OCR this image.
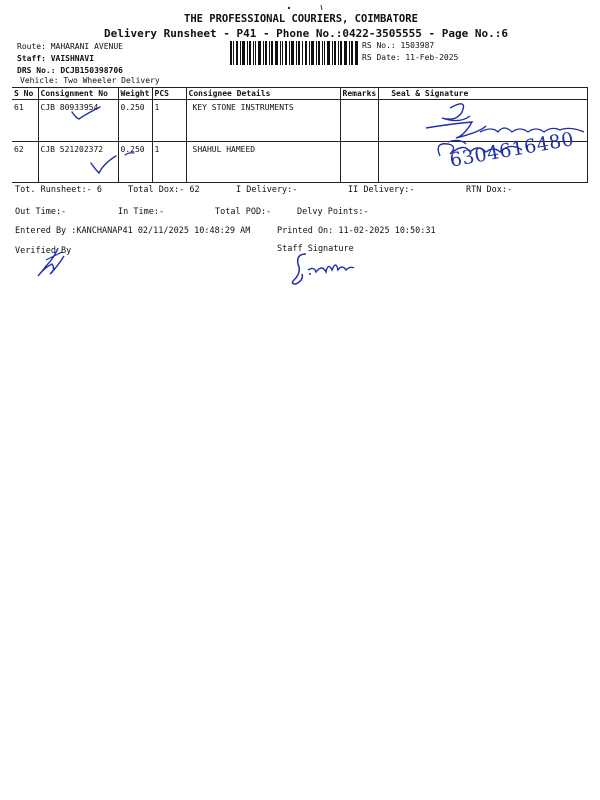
THE PROFESSIONAL COURIERS, COIMBATORE
Delivery Runsheet - P41 - Phone No.:0422-3505555 - Page No.:6
Route: MAHARANI AVENUE
Staff: VAISHNAVI
DRS No.: DCJB150398706
Vehicle: Two Wheeler Delivery
RS No.: 1503987
RS Date: 11-Feb-2025
S No	Consignment No	Weight	PCS	Consignee Details	Remarks	Seal & Signature
61	CJB 80933954	0.250	1	KEY STONE INSTRUMENTS		
62	CJB 521202372	0.250	1	SHAHUL HAMEED		
Tot. Runsheet:- 6	Total Dox:- 62	I Delivery:-	II Delivery:-	RTN Dox:-
Out Time:-	In Time:-	Total POD:-	Delvy Points:-
Entered By :KANCHANAP41 02/11/2025 10:48:29 AM	Printed On: 11-02-2025 10:50:31
Verified By	Staff Signature
6304616480
